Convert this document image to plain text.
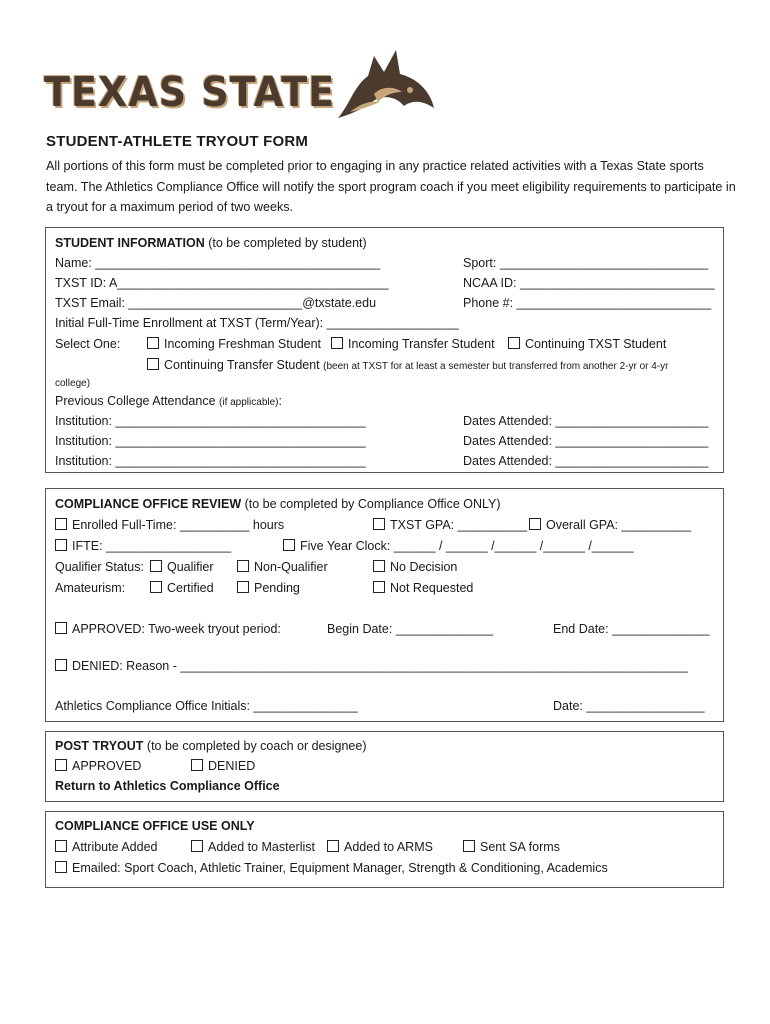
TEXAS STATE
STUDENT-ATHLETE TRYOUT FORM
All portions of this form must be completed prior to engaging in any practice related activities with a Texas State sports team. The Athletics Compliance Office will notify the sport program coach if you meet eligibility requirements to participate in a tryout for a maximum period of two weeks.
STUDENT INFORMATION (to be completed by student)
Name: _________________________________________	Sport: ______________________________
TXST ID: A_______________________________________	NCAA ID: ____________________________
TXST Email: _________________________@txstate.edu	Phone #: ____________________________
Initial Full-Time Enrollment at TXST (Term/Year): ___________________
Select One:	Incoming Freshman Student	Incoming Transfer Student	Continuing TXST Student
Continuing Transfer Student (been at TXST for at least a semester but transferred from another 2-yr or 4-yr
college)
Previous College Attendance (if applicable):
Institution: ____________________________________	Dates Attended: ______________________
Institution: ____________________________________	Dates Attended: ______________________
Institution: ____________________________________	Dates Attended: ______________________
COMPLIANCE OFFICE REVIEW (to be completed by Compliance Office ONLY)
Enrolled Full-Time: __________ hours	TXST GPA: __________	Overall GPA: __________
IFTE: __________________	Five Year Clock: ______ / ______ /______ /______ /______
Qualifier Status:	Qualifier	Non-Qualifier	No Decision
Amateurism:	Certified	Pending	Not Requested
APPROVED: Two-week tryout period:	Begin Date: ______________	End Date: ______________
DENIED: Reason - _________________________________________________________________________
Athletics Compliance Office Initials: _______________	Date: _________________
POST TRYOUT (to be completed by coach or designee)
APPROVED	DENIED
Return to Athletics Compliance Office
COMPLIANCE OFFICE USE ONLY
Attribute Added	Added to Masterlist	Added to ARMS	Sent SA forms
Emailed: Sport Coach, Athletic Trainer, Equipment Manager, Strength & Conditioning, Academics
